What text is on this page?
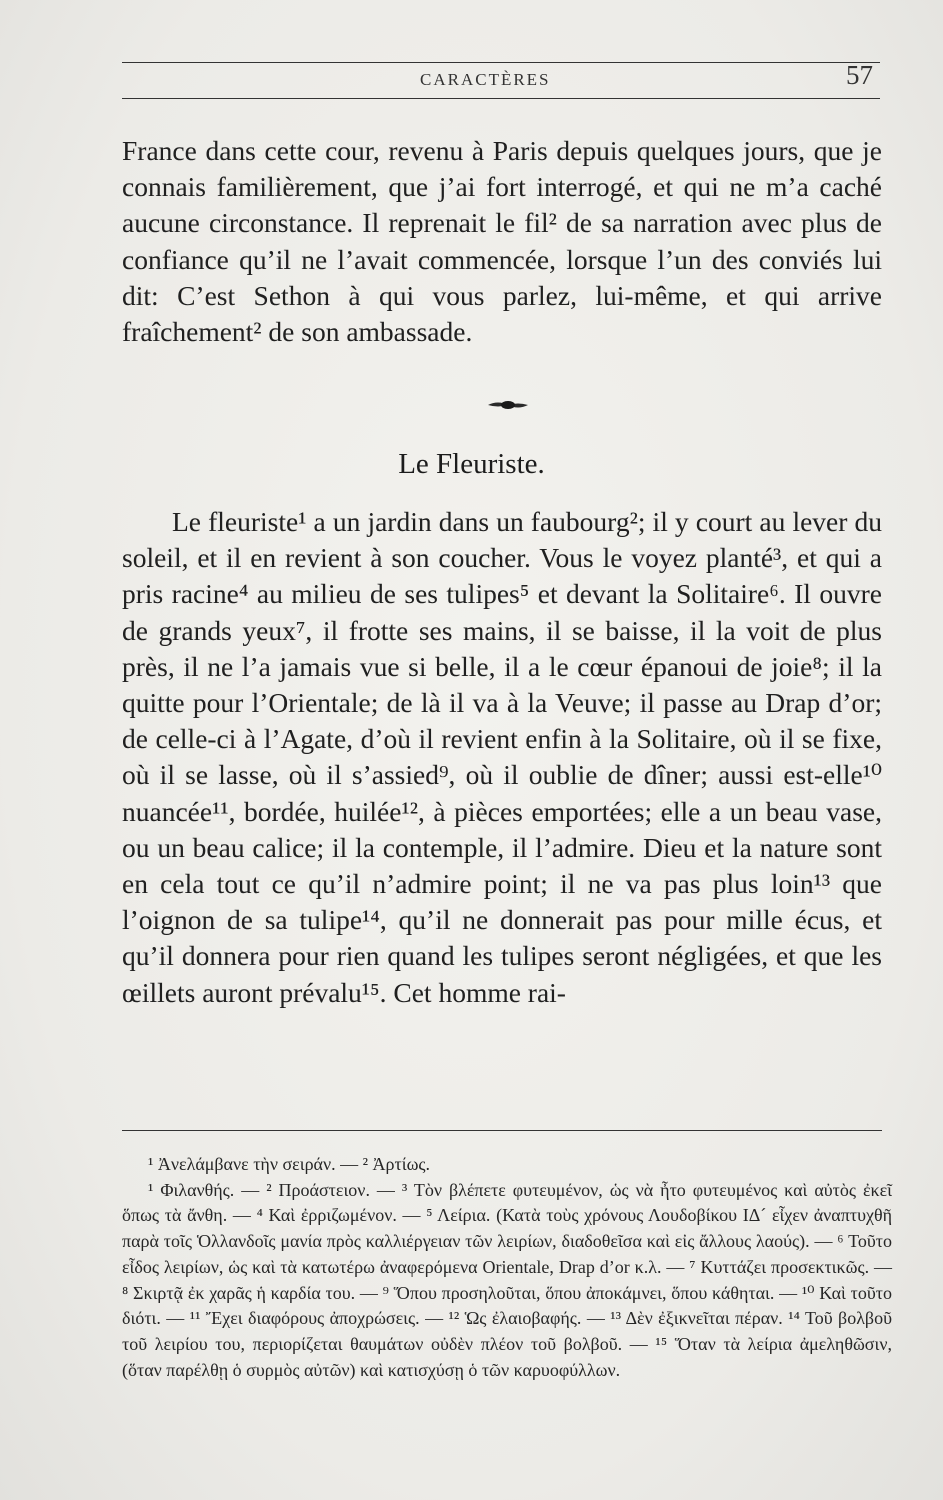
CARACTÈRES	57

France dans cette cour, revenu à Paris depuis quelques jours, que je connais familièrement, que j’ai fort interrogé, et qui ne m’a caché aucune circonstance. Il reprenait le fil² de sa narration avec plus de confiance qu’il ne l’avait commencée, lorsque l’un des conviés lui dit: C’est Sethon à qui vous parlez, lui-même, et qui arrive fraîchement² de son ambassade.

Le Fleuriste.

Le fleuriste¹ a un jardin dans un faubourg²; il y court au lever du soleil, et il en revient à son coucher. Vous le voyez planté³, et qui a pris racine⁴ au milieu de ses tulipes⁵ et devant la Solitaire⁶. Il ouvre de grands yeux⁷, il frotte ses mains, il se baisse, il la voit de plus près, il ne l’a jamais vue si belle, il a le cœur épanoui de joie⁸; il la quitte pour l’Orientale; de là il va à la Veuve; il passe au Drap d’or; de celle-ci à l’Agate, d’où il revient enfin à la Solitaire, où il se fixe, où il se lasse, où il s’assied⁹, où il oublie de dîner; aussi est-elle¹⁰ nuancée¹¹, bordée, huilée¹², à pièces emportées; elle a un beau vase, ou un beau calice; il la contemple, il l’admire. Dieu et la nature sont en cela tout ce qu’il n’admire point; il ne va pas plus loin¹³ que l’oignon de sa tulipe¹⁴, qu’il ne donnerait pas pour mille écus, et qu’il donnera pour rien quand les tulipes seront négligées, et que les œillets auront prévalu¹⁵. Cet homme rai-

¹ Ἀνελάμβανε τὴν σειράν. — ² Ἀρτίως.

¹ Φιλανθής. — ² Προάστειον. — ³ Τὸν βλέπετε φυτευμένον, ὡς νὰ ἦτο φυτευμένος καὶ αὐτὸς ἐκεῖ ὅπως τὰ ἄνθη. — ⁴ Καὶ ἐρριζωμένον. — ⁵ Λείρια. (Κατὰ τοὺς χρόνους Λουδοβίκου ΙΔ´ εἶχεν ἀναπτυχθῆ παρὰ τοῖς Ὁλλανδοῖς μανία πρὸς καλλιέργειαν τῶν λειρίων, διαδοθεῖσα καὶ εἰς ἄλλους λαούς). — ⁶ Τοῦτο εἶδος λειρίων, ὡς καὶ τὰ κατωτέρω ἀναφερόμενα Orientale, Drap d’or κ.λ. — ⁷ Κυττάζει προσεκτικῶς. — ⁸ Σκιρτᾷ ἐκ χαρᾶς ἡ καρδία του. — ⁹ Ὅπου προσηλοῦται, ὅπου ἀποκάμνει, ὅπου κάθηται. — ¹⁰ Καὶ τοῦτο διότι. — ¹¹ Ἔχει διαφόρους ἀποχρώσεις. — ¹² Ὡς ἐλαιοβαφής. — ¹³ Δὲν ἐξικνεῖται πέραν. ¹⁴ Τοῦ βολβοῦ τοῦ λειρίου του, περιορίζεται θαυμάτων οὐδὲν πλέον τοῦ βολβοῦ. — ¹⁵ Ὅταν τὰ λείρια ἀμεληθῶσιν, (ὅταν παρέλθῃ ὁ συρμὸς αὐτῶν) καὶ κατισχύσῃ ὁ τῶν καρυοφύλλων.
